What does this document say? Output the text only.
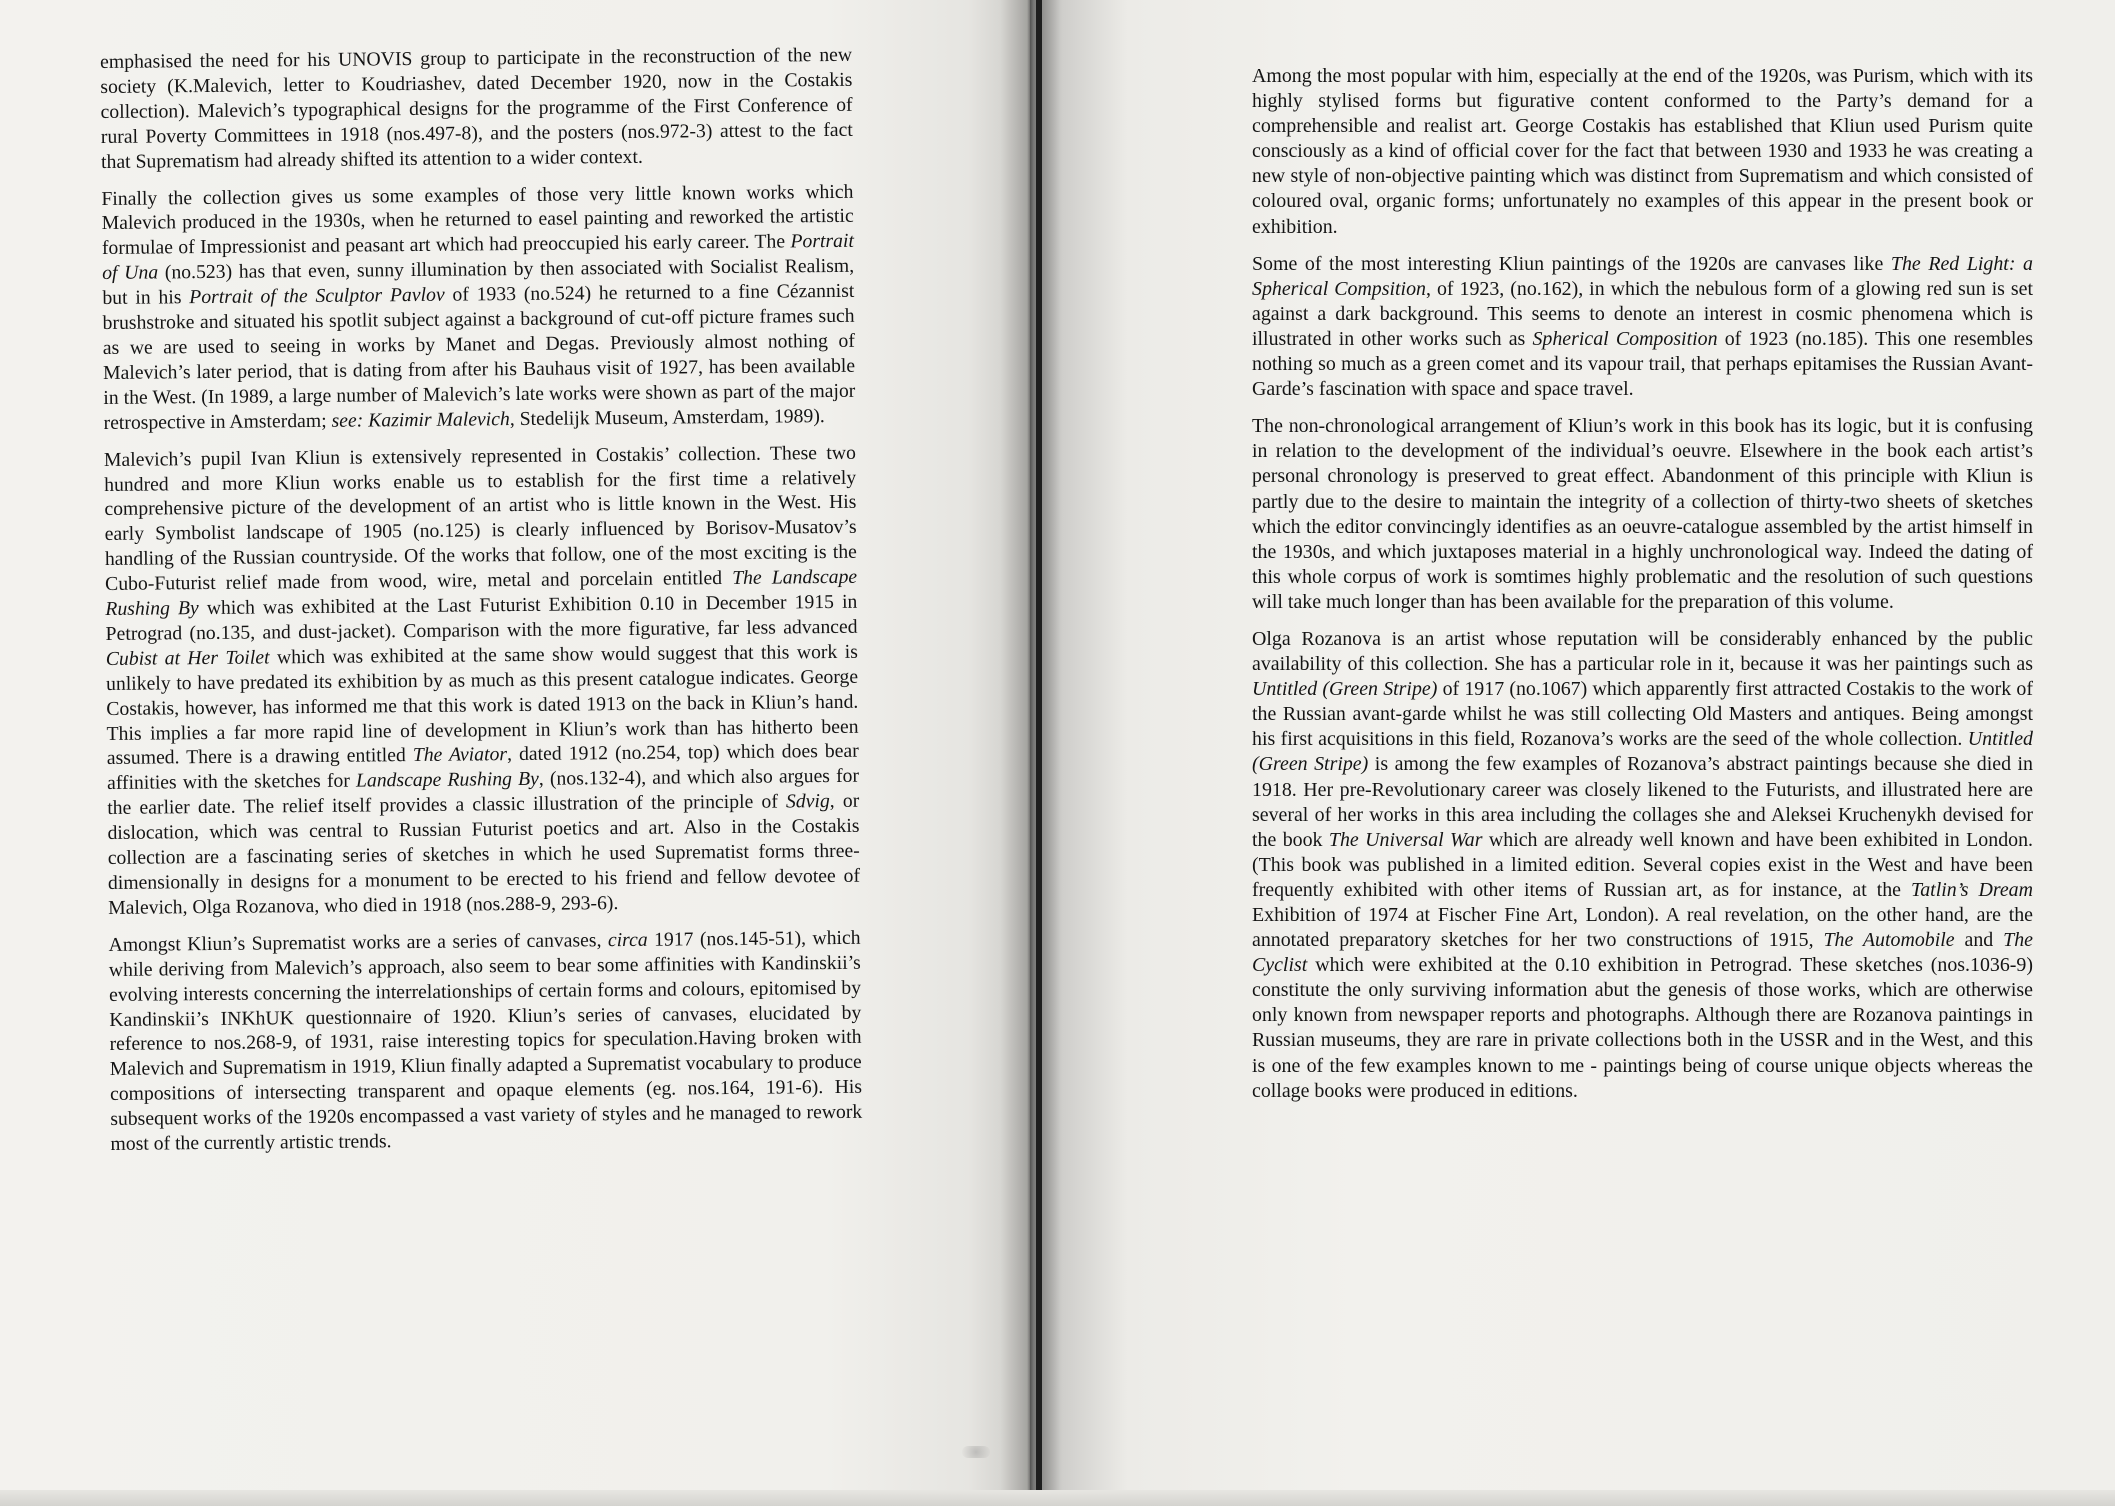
emphasised the need for his UNOVIS group to participate in the reconstruction of the new society (K.Malevich, letter to Koudriashev, dated December 1920, now in the Costakis collection). Malevich’s typographical designs for the programme of the First Conference of rural Poverty Committees in 1918 (nos.497-8), and the posters (nos.972-3) attest to the fact that Suprematism had already shifted its attention to a wider context.

Finally the collection gives us some examples of those very little known works which Malevich produced in the 1930s, when he returned to easel painting and reworked the artistic formulae of Impressionist and peasant art which had preoccupied his early career. The Portrait of Una (no.523) has that even, sunny illumination by then associated with Socialist Realism, but in his Portrait of the Sculptor Pavlov of 1933 (no.524) he returned to a fine Cézannist brushstroke and situated his spotlit subject against a background of cut-off picture frames such as we are used to seeing in works by Manet and Degas. Previously almost nothing of Malevich’s later period, that is dating from after his Bauhaus visit of 1927, has been available in the West. (In 1989, a large number of Malevich’s late works were shown as part of the major retrospective in Amsterdam; see: Kazimir Malevich, Stedelijk Museum, Amsterdam, 1989).

Malevich’s pupil Ivan Kliun is extensively represented in Costakis’ collection. These two hundred and more Kliun works enable us to establish for the first time a relatively comprehensive picture of the development of an artist who is little known in the West. His early Symbolist landscape of 1905 (no.125) is clearly influenced by Borisov-Musatov’s handling of the Russian countryside. Of the works that follow, one of the most exciting is the Cubo-Futurist relief made from wood, wire, metal and porcelain entitled The Landscape Rushing By which was exhibited at the Last Futurist Exhibition 0.10 in December 1915 in Petrograd (no.135, and dust-jacket). Comparison with the more figurative, far less advanced Cubist at Her Toilet which was exhibited at the same show would suggest that this work is unlikely to have predated its exhibition by as much as this present catalogue indicates. George Costakis, however, has informed me that this work is dated 1913 on the back in Kliun’s hand. This implies a far more rapid line of development in Kliun’s work than has hitherto been assumed. There is a drawing entitled The Aviator, dated 1912 (no.254, top) which does bear affinities with the sketches for Landscape Rushing By, (nos.132-4), and which also argues for the earlier date. The relief itself provides a classic illustration of the principle of Sdvig, or dislocation, which was central to Russian Futurist poetics and art. Also in the Costakis collection are a fascinating series of sketches in which he used Suprematist forms three-dimensionally in designs for a monument to be erected to his friend and fellow devotee of Malevich, Olga Rozanova, who died in 1918 (nos.288-9, 293-6).

Amongst Kliun’s Suprematist works are a series of canvases, circa 1917 (nos.145-51), which while deriving from Malevich’s approach, also seem to bear some affinities with Kandinskii’s evolving interests concerning the interrelationships of certain forms and colours, epitomised by Kandinskii’s INKhUK questionnaire of 1920. Kliun’s series of canvases, elucidated by reference to nos.268-9, of 1931, raise interesting topics for speculation.Having broken with Malevich and Suprematism in 1919, Kliun finally adapted a Suprematist vocabulary to produce compositions of intersecting transparent and opaque elements (eg. nos.164, 191-6). His subsequent works of the 1920s encompassed a vast variety of styles and he managed to rework most of the currently artistic trends.

Among the most popular with him, especially at the end of the 1920s, was Purism, which with its highly stylised forms but figurative content conformed to the Party’s demand for a comprehensible and realist art. George Costakis has established that Kliun used Purism quite consciously as a kind of official cover for the fact that between 1930 and 1933 he was creating a new style of non-objective painting which was distinct from Suprematism and which consisted of coloured oval, organic forms; unfortunately no examples of this appear in the present book or exhibition.

Some of the most interesting Kliun paintings of the 1920s are canvases like The Red Light: a Spherical Compsition, of 1923, (no.162), in which the nebulous form of a glowing red sun is set against a dark background. This seems to denote an interest in cosmic phenomena which is illustrated in other works such as Spherical Composition of 1923 (no.185). This one resembles nothing so much as a green comet and its vapour trail, that perhaps epitamises the Russian Avant-Garde’s fascination with space and space travel.

The non-chronological arrangement of Kliun’s work in this book has its logic, but it is confusing in relation to the development of the individual’s oeuvre. Elsewhere in the book each artist’s personal chronology is preserved to great effect. Abandonment of this principle with Kliun is partly due to the desire to maintain the integrity of a collection of thirty-two sheets of sketches which the editor convincingly identifies as an oeuvre-catalogue assembled by the artist himself in the 1930s, and which juxtaposes material in a highly unchronological way. Indeed the dating of this whole corpus of work is somtimes highly problematic and the resolution of such questions will take much longer than has been available for the preparation of this volume.

Olga Rozanova is an artist whose reputation will be considerably enhanced by the public availability of this collection. She has a particular role in it, because it was her paintings such as Untitled (Green Stripe) of 1917 (no.1067) which apparently first attracted Costakis to the work of the Russian avant-garde whilst he was still collecting Old Masters and antiques. Being amongst his first acquisitions in this field, Rozanova’s works are the seed of the whole collection. Untitled (Green Stripe) is among the few examples of Rozanova’s abstract paintings because she died in 1918. Her pre-Revolutionary career was closely likened to the Futurists, and illustrated here are several of her works in this area including the collages she and Aleksei Kruchenykh devised for the book The Universal War which are already well known and have been exhibited in London. (This book was published in a limited edition. Several copies exist in the West and have been frequently exhibited with other items of Russian art, as for instance, at the Tatlin’s Dream Exhibition of 1974 at Fischer Fine Art, London). A real revelation, on the other hand, are the annotated preparatory sketches for her two constructions of 1915, The Automobile and The Cyclist which were exhibited at the 0.10 exhibition in Petrograd. These sketches (nos.1036-9) constitute the only surviving information abut the genesis of those works, which are otherwise only known from newspaper reports and photographs. Although there are Rozanova paintings in Russian museums, they are rare in private collections both in the USSR and in the West, and this is one of the few examples known to me - paintings being of course unique objects whereas the collage books were produced in editions.
